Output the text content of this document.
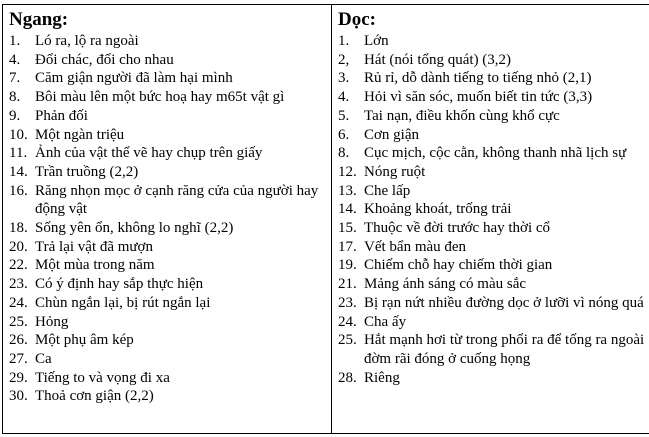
Ngang:
1. Ló ra, lộ ra ngoài
4. Đổi chác, đổi cho nhau
7. Căm giận người đã làm hại mình
8. Bôi màu lên một bức hoạ hay m65t vật gì
9. Phản đối
10. Một ngàn triệu
11. Ảnh của vật thể vẽ hay chụp trên giấy
14. Trần truồng (2,2)
16. Răng nhọn mọc ở cạnh răng cửa của người hay động vật
18. Sống yên ổn, không lo nghĩ (2,2)
20. Trả lại vật đã mượn
22. Một mùa trong năm
23. Có ý định hay sắp thực hiện
24. Chùn ngắn lại, bị rút ngắn lại
25. Hỏng
26. Một phụ âm kép
27. Ca
29. Tiếng to và vọng đi xa
30. Thoả cơn giận (2,2)

Dọc:
1. Lớn
2, Hát (nói tổng quát) (3,2)
3. Rủ rỉ, dỗ dành tiếng to tiếng nhỏ (2,1)
4. Hỏi vì săn sóc, muốn biết tin tức (3,3)
5. Tai nạn, điều khốn cùng khổ cực
6. Cơn giận
8. Cục mịch, cộc cằn, không thanh nhã lịch sự
12. Nóng ruột
13. Che lấp
14. Khoảng khoát, trống trải
15. Thuộc về đời trước hay thời cổ
17. Vết bẩn màu đen
19. Chiếm chỗ hay chiếm thời gian
21. Mảng ánh sáng có màu sắc
23. Bị rạn nứt nhiều đường dọc ở lưỡi vì nóng quá
24. Cha ấy
25. Hắt mạnh hơi từ trong phổi ra để tống ra ngoài đờm rãi đóng ở cuống họng
28. Riêng
